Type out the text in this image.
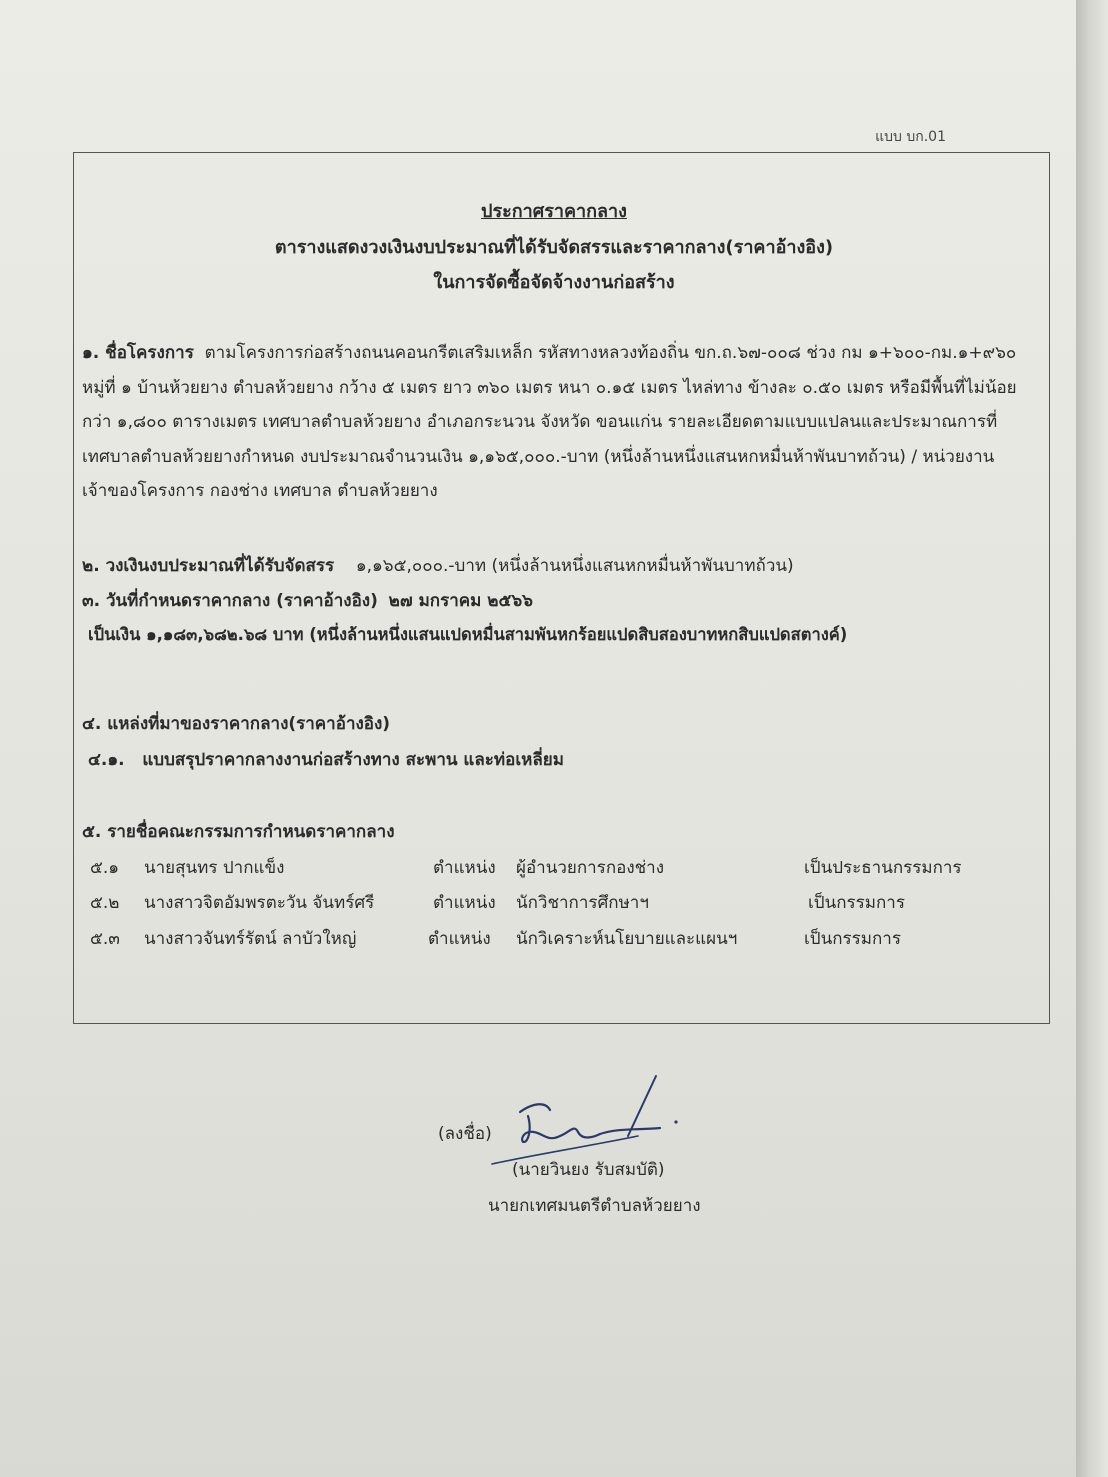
แบบ บก.01
ประกาศราคากลาง
ตารางแสดงวงเงินงบประมาณที่ได้รับจัดสรรและราคากลาง(ราคาอ้างอิง)
ในการจัดซื้อจัดจ้างงานก่อสร้าง
๑. ชื่อโครงการ ตามโครงการก่อสร้างถนนคอนกรีตเสริมเหล็ก รหัสทางหลวงท้องถิ่น ขก.ถ.๖๗-๐๐๘ ช่วง กม ๑+๖๐๐-กม.๑+๙๖๐ หมู่ที่ ๑ บ้านห้วยยาง ตำบลห้วยยาง กว้าง ๕ เมตร ยาว ๓๖๐ เมตร หนา ๐.๑๕ เมตร ไหล่ทาง ข้างละ ๐.๕๐ เมตร หรือมีพื้นที่ไม่น้อยกว่า ๑,๘๐๐ ตารางเมตร เทศบาลตำบลห้วยยาง อำเภอกระนวน จังหวัด ขอนแก่น รายละเอียดตามแบบแปลนและประมาณการที่เทศบาลตำบลห้วยยางกำหนด งบประมาณจำนวนเงิน ๑,๑๖๕,๐๐๐.-บาท (หนึ่งล้านหนึ่งแสนหกหมื่นห้าพันบาทถ้วน) / หน่วยงานเจ้าของโครงการ กองช่าง เทศบาล ตำบลห้วยยาง
๒. วงเงินงบประมาณที่ได้รับจัดสรร ๑,๑๖๕,๐๐๐.-บาท (หนึ่งล้านหนึ่งแสนหกหมื่นห้าพันบาทถ้วน)
๓. วันที่กำหนดราคากลาง (ราคาอ้างอิง) ๒๗ มกราคม ๒๕๖๖
เป็นเงิน ๑,๑๘๓,๖๘๒.๖๘ บาท (หนึ่งล้านหนึ่งแสนแปดหมื่นสามพันหกร้อยแปดสิบสองบาทหกสิบแปดสตางค์)
๔. แหล่งที่มาของราคากลาง(ราคาอ้างอิง)
๔.๑. แบบสรุปราคากลางงานก่อสร้างทาง สะพาน และท่อเหลี่ยม
๕. รายชื่อคณะกรรมการกำหนดราคากลาง
๕.๑ นายสุนทร ปากแข็ง	ตำแหน่ง ผู้อำนวยการกองช่าง	เป็นประธานกรรมการ
๕.๒ นางสาวจิตอัมพรตะวัน จันทร์ศรี	ตำแหน่ง นักวิชาการศึกษาฯ	เป็นกรรมการ
๕.๓ นางสาวจันทร์รัตน์ ลาบัวใหญ่	ตำแหน่ง นักวิเคราะห์นโยบายและแผนฯ	เป็นกรรมการ
(ลงชื่อ)
(นายวินยง รับสมบัติ)
นายกเทศมนตรีตำบลห้วยยาง
